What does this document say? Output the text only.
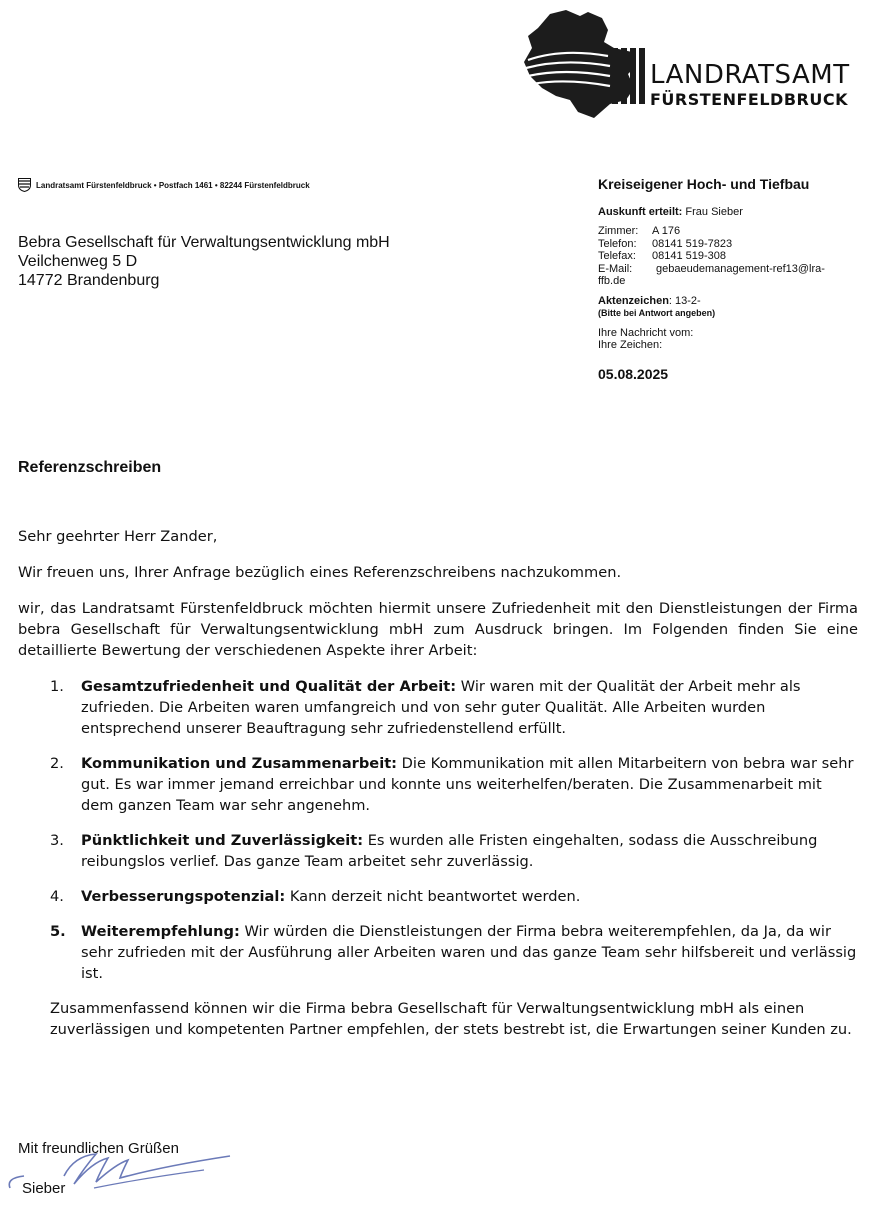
LANDRATSAMT
FÜRSTENFELDBRUCK
Landratsamt Fürstenfeldbruck • Postfach 1461 • 82244 Fürstenfeldbruck
Bebra Gesellschaft für Verwaltungsentwicklung mbH
Veilchenweg 5 D
14772 Brandenburg
Kreiseigener Hoch- und Tiefbau
Auskunft erteilt: Frau Sieber
Zimmer: A 176
Telefon: 08141 519-7823
Telefax: 08141 519-308
E-Mail: gebaeudemanagement-ref13@lra-
ffb.de
Aktenzeichen: 13-2-
(Bitte bei Antwort angeben)
Ihre Nachricht vom:
Ihre Zeichen:
05.08.2025
Referenzschreiben

Sehr geehrter Herr Zander,

Wir freuen uns, Ihrer Anfrage bezüglich eines Referenzschreibens nachzukommen.

wir, das Landratsamt Fürstenfeldbruck möchten hiermit unsere Zufriedenheit mit den Dienstleistungen der Firma bebra Gesellschaft für Verwaltungsentwicklung mbH zum Ausdruck bringen. Im Folgenden finden Sie eine detaillierte Bewertung der verschiedenen Aspekte ihrer Arbeit:

1. Gesamtzufriedenheit und Qualität der Arbeit: Wir waren mit der Qualität der Arbeit mehr als zufrieden. Die Arbeiten waren umfangreich und von sehr guter Qualität. Alle Arbeiten wurden entsprechend unserer Beauftragung sehr zufriedenstellend erfüllt.
2. Kommunikation und Zusammenarbeit: Die Kommunikation mit allen Mitarbeitern von bebra war sehr gut. Es war immer jemand erreichbar und konnte uns weiterhelfen/beraten. Die Zusammenarbeit mit dem ganzen Team war sehr angenehm.
3. Pünktlichkeit und Zuverlässigkeit: Es wurden alle Fristen eingehalten, sodass die Ausschreibung reibungslos verlief. Das ganze Team arbeitet sehr zuverlässig.
4. Verbesserungspotenzial: Kann derzeit nicht beantwortet werden.
5. Weiterempfehlung: Wir würden die Dienstleistungen der Firma bebra weiterempfehlen, da Ja, da wir sehr zufrieden mit der Ausführung aller Arbeiten waren und das ganze Team sehr hilfsbereit und verlässig ist.

Zusammenfassend können wir die Firma bebra Gesellschaft für Verwaltungsentwicklung mbH als einen zuverlässigen und kompetenten Partner empfehlen, der stets bestrebt ist, die Erwartungen seiner Kunden zu.

Mit freundlichen Grüßen
Sieber
